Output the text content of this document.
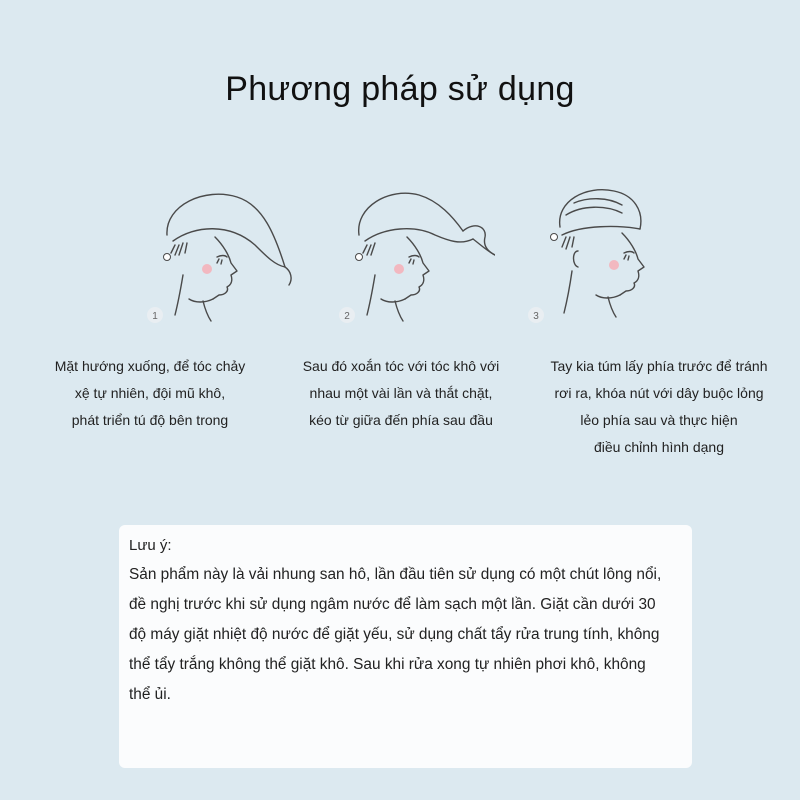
Phương pháp sử dụng
1	2	3
Mặt hướng xuống, để tóc chảy
xệ tự nhiên, đội mũ khô,
phát triển tú độ bên trong
Sau đó xoắn tóc với tóc khô với
nhau một vài lần và thắt chặt,
kéo từ giữa đến phía sau đầu
Tay kia túm lấy phía trước để tránh
rơi ra, khóa nút với dây buộc lỏng
lẻo phía sau và thực hiện
điều chỉnh hình dạng
Lưu ý:
Sản phẩm này là vải nhung san hô, lần đầu tiên sử dụng có một chút lông nổi,
đề nghị trước khi sử dụng ngâm nước để làm sạch một lần. Giặt cần dưới 30
độ máy giặt nhiệt độ nước để giặt yếu, sử dụng chất tẩy rửa trung tính, không
thể tẩy trắng không thể giặt khô. Sau khi rửa xong tự nhiên phơi khô, không
thể ủi.
